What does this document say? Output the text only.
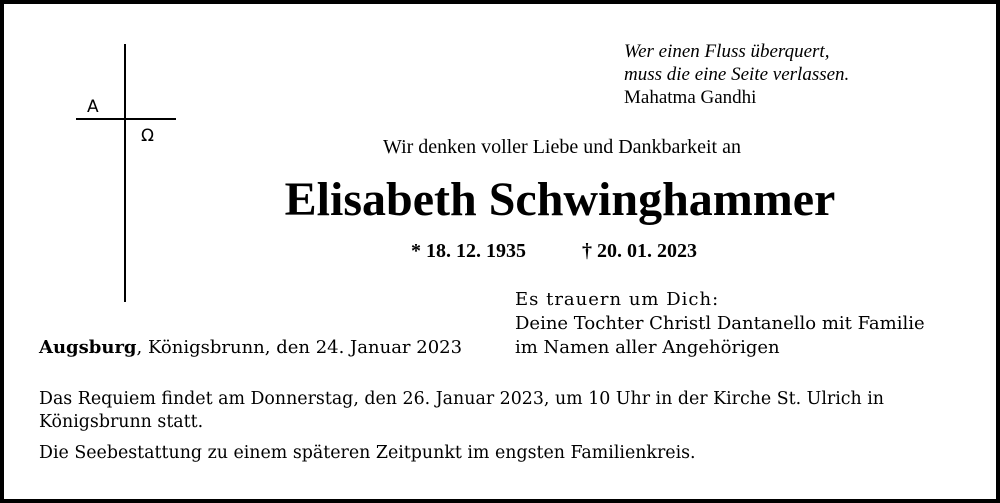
Α
Ω
Wer einen Fluss überquert,
muss die eine Seite verlassen.
Mahatma Gandhi
Wir denken voller Liebe und Dankbarkeit an
Elisabeth Schwinghammer
* 18. 12. 1935	† 20. 01. 2023
Es trauern um Dich:
Deine Tochter Christl Dantanello mit Familie
im Namen aller Angehörigen
Augsburg, Königsbrunn, den 24. Januar 2023

Das Requiem findet am Donnerstag, den 26. Januar 2023, um 10 Uhr in der Kirche St. Ulrich in Königsbrunn statt.

Die Seebestattung zu einem späteren Zeitpunkt im engsten Familienkreis.
